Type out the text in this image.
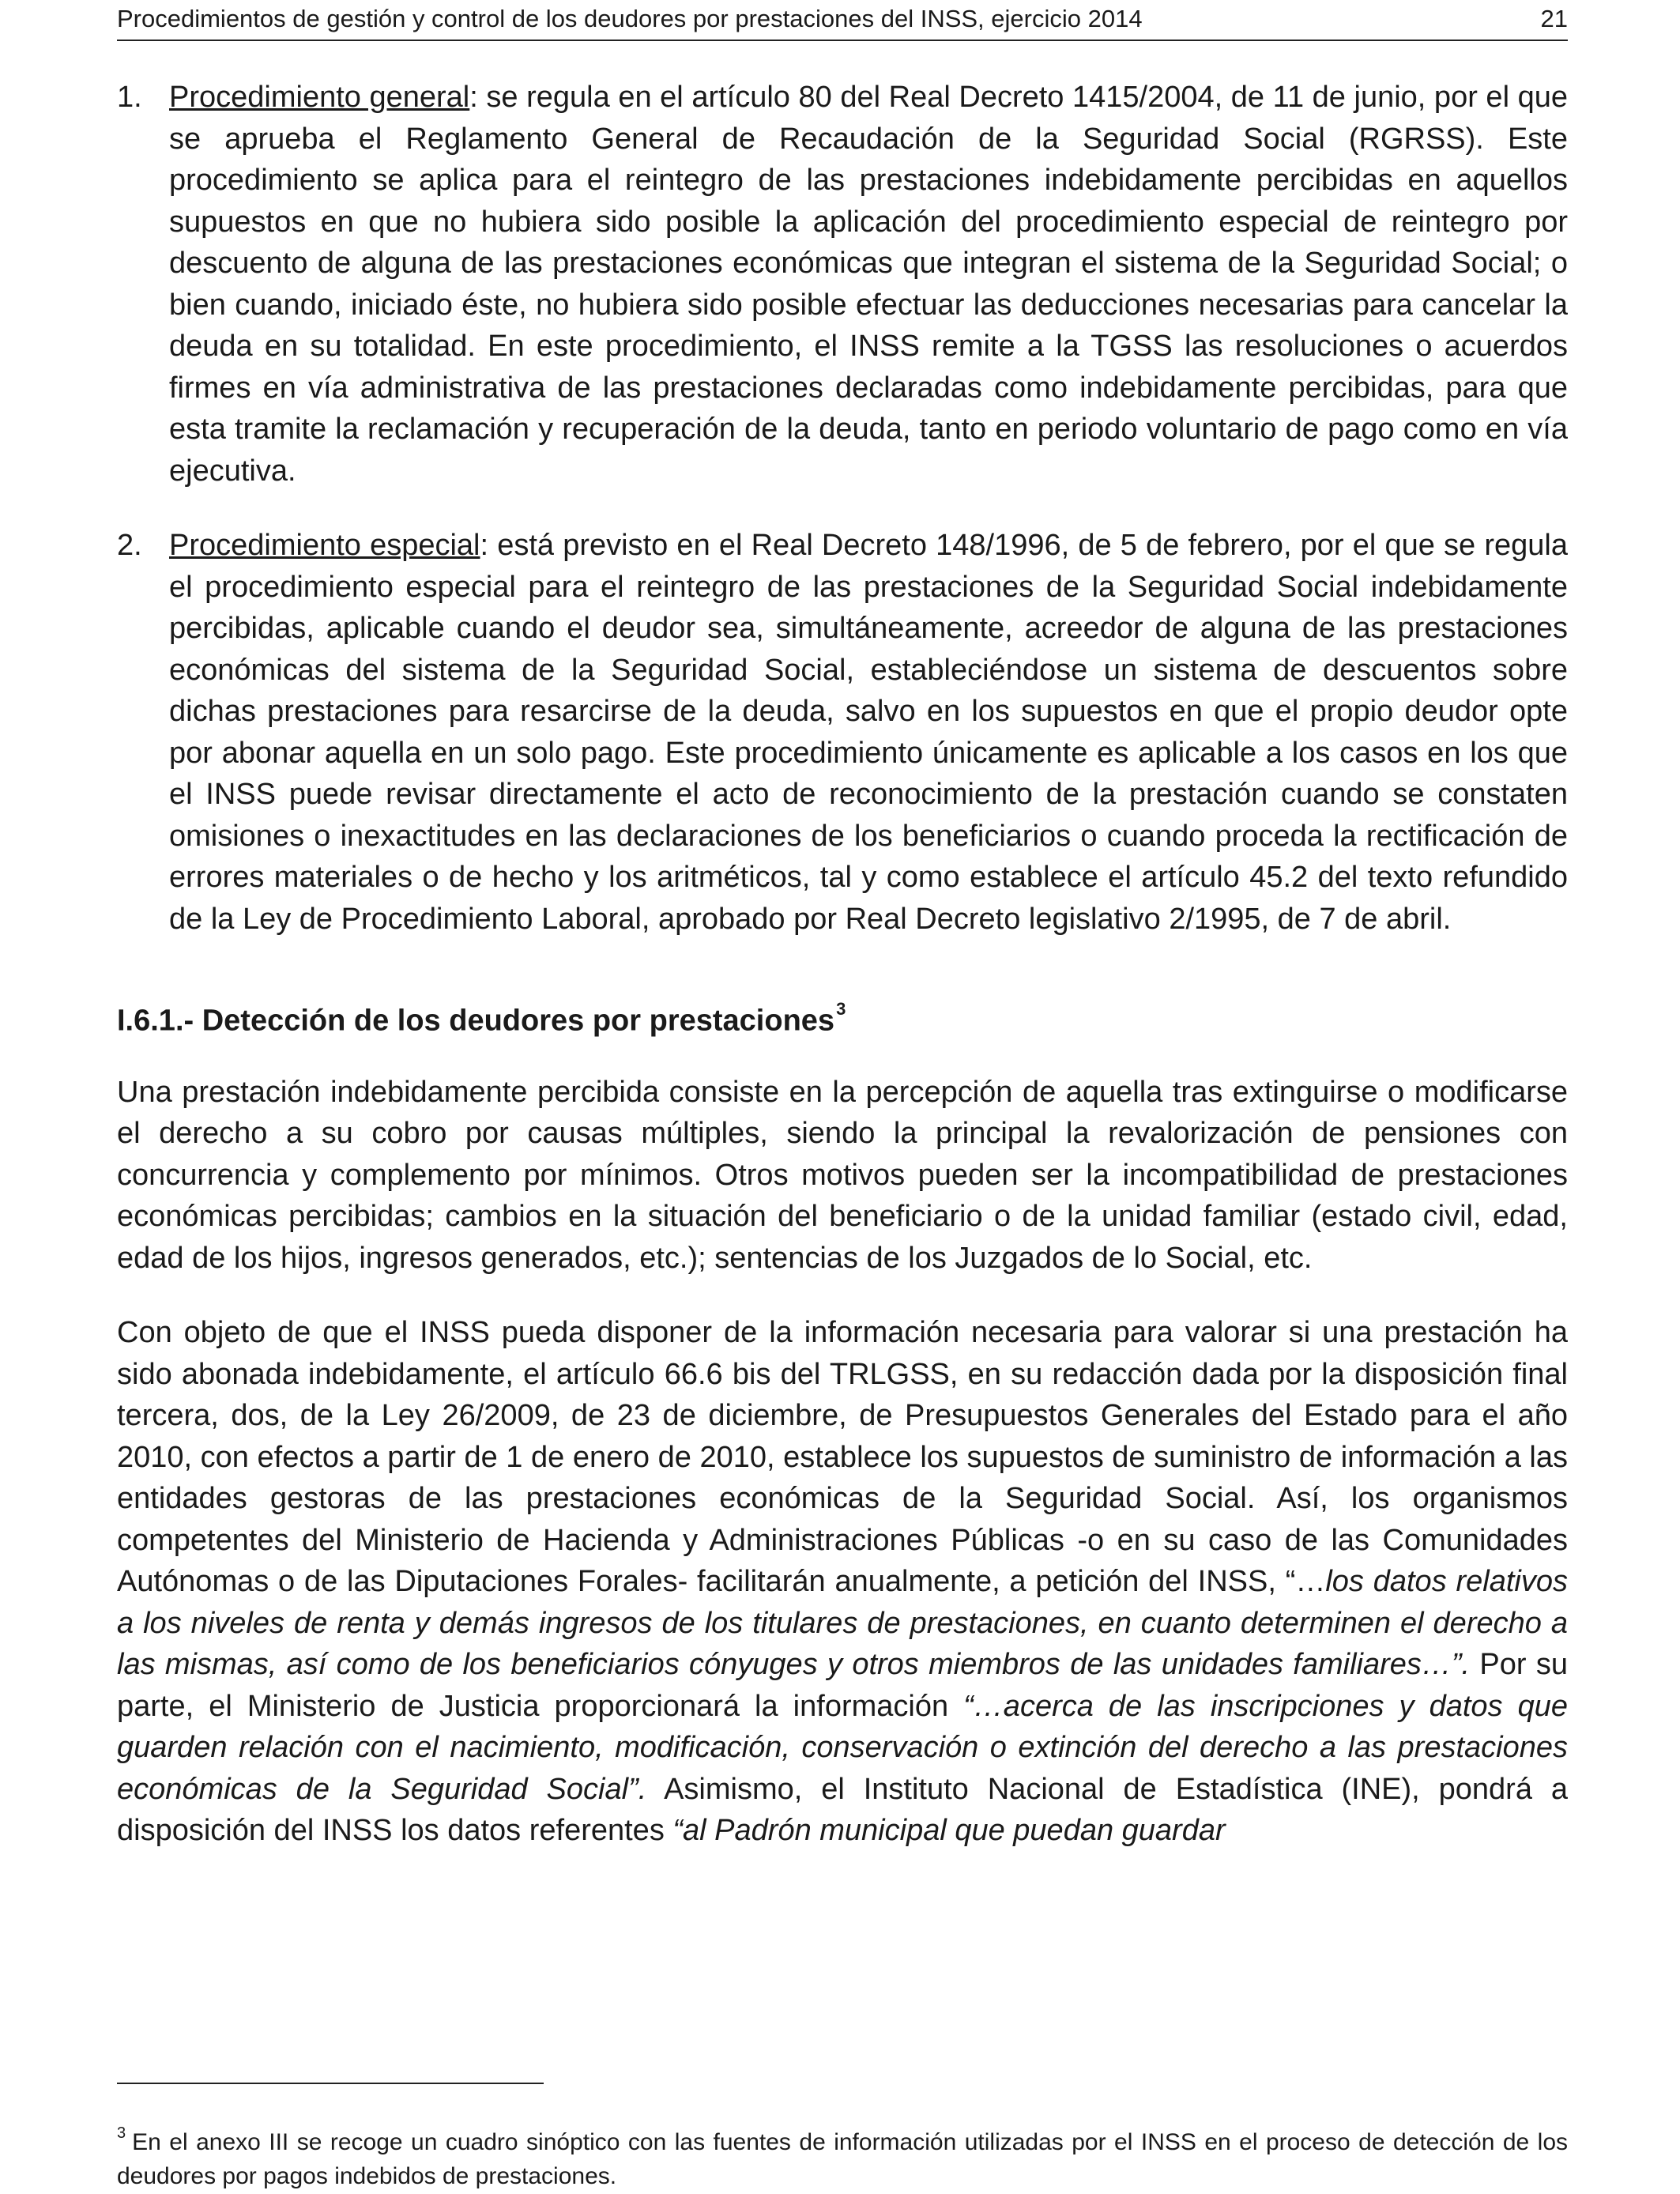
Procedimientos de gestión y control de los deudores por prestaciones del INSS, ejercicio 2014	21
1. Procedimiento general: se regula en el artículo 80 del Real Decreto 1415/2004, de 11 de junio, por el que se aprueba el Reglamento General de Recaudación de la Seguridad Social (RGRSS). Este procedimiento se aplica para el reintegro de las prestaciones indebidamente percibidas en aquellos supuestos en que no hubiera sido posible la aplicación del procedimiento especial de reintegro por descuento de alguna de las prestaciones económicas que integran el sistema de la Seguridad Social; o bien cuando, iniciado éste, no hubiera sido posible efectuar las deducciones necesarias para cancelar la deuda en su totalidad. En este procedimiento, el INSS remite a la TGSS las resoluciones o acuerdos firmes en vía administrativa de las prestaciones declaradas como indebidamente percibidas, para que esta tramite la reclamación y recuperación de la deuda, tanto en periodo voluntario de pago como en vía ejecutiva.
2. Procedimiento especial: está previsto en el Real Decreto 148/1996, de 5 de febrero, por el que se regula el procedimiento especial para el reintegro de las prestaciones de la Seguridad Social indebidamente percibidas, aplicable cuando el deudor sea, simultáneamente, acreedor de alguna de las prestaciones económicas del sistema de la Seguridad Social, estableciéndose un sistema de descuentos sobre dichas prestaciones para resarcirse de la deuda, salvo en los supuestos en que el propio deudor opte por abonar aquella en un solo pago. Este procedimiento únicamente es aplicable a los casos en los que el INSS puede revisar directamente el acto de reconocimiento de la prestación cuando se constaten omisiones o inexactitudes en las declaraciones de los beneficiarios o cuando proceda la rectificación de errores materiales o de hecho y los aritméticos, tal y como establece el artículo 45.2 del texto refundido de la Ley de Procedimiento Laboral, aprobado por Real Decreto legislativo 2/1995, de 7 de abril.
I.6.1.- Detección de los deudores por prestaciones$^3$

Una prestación indebidamente percibida consiste en la percepción de aquella tras extinguirse o modificarse el derecho a su cobro por causas múltiples, siendo la principal la revalorización de pensiones con concurrencia y complemento por mínimos. Otros motivos pueden ser la incompatibilidad de prestaciones económicas percibidas; cambios en la situación del beneficiario o de la unidad familiar (estado civil, edad, edad de los hijos, ingresos generados, etc.); sentencias de los Juzgados de lo Social, etc.

Con objeto de que el INSS pueda disponer de la información necesaria para valorar si una prestación ha sido abonada indebidamente, el artículo 66.6 bis del TRLGSS, en su redacción dada por la disposición final tercera, dos, de la Ley 26/2009, de 23 de diciembre, de Presupuestos Generales del Estado para el año 2010, con efectos a partir de 1 de enero de 2010, establece los supuestos de suministro de información a las entidades gestoras de las prestaciones económicas de la Seguridad Social. Así, los organismos competentes del Ministerio de Hacienda y Administraciones Públicas -o en su caso de las Comunidades Autónomas o de las Diputaciones Forales- facilitarán anualmente, a petición del INSS, “…los datos relativos a los niveles de renta y demás ingresos de los titulares de prestaciones, en cuanto determinen el derecho a las mismas, así como de los beneficiarios cónyuges y otros miembros de las unidades familiares…”. Por su parte, el Ministerio de Justicia proporcionará la información “…acerca de las inscripciones y datos que guarden relación con el nacimiento, modificación, conservación o extinción del derecho a las prestaciones económicas de la Seguridad Social”. Asimismo, el Instituto Nacional de Estadística (INE), pondrá a disposición del INSS los datos referentes “al Padrón municipal que puedan guardar

$^3$ En el anexo III se recoge un cuadro sinóptico con las fuentes de información utilizadas por el INSS en el proceso de detección de los deudores por pagos indebidos de prestaciones.
